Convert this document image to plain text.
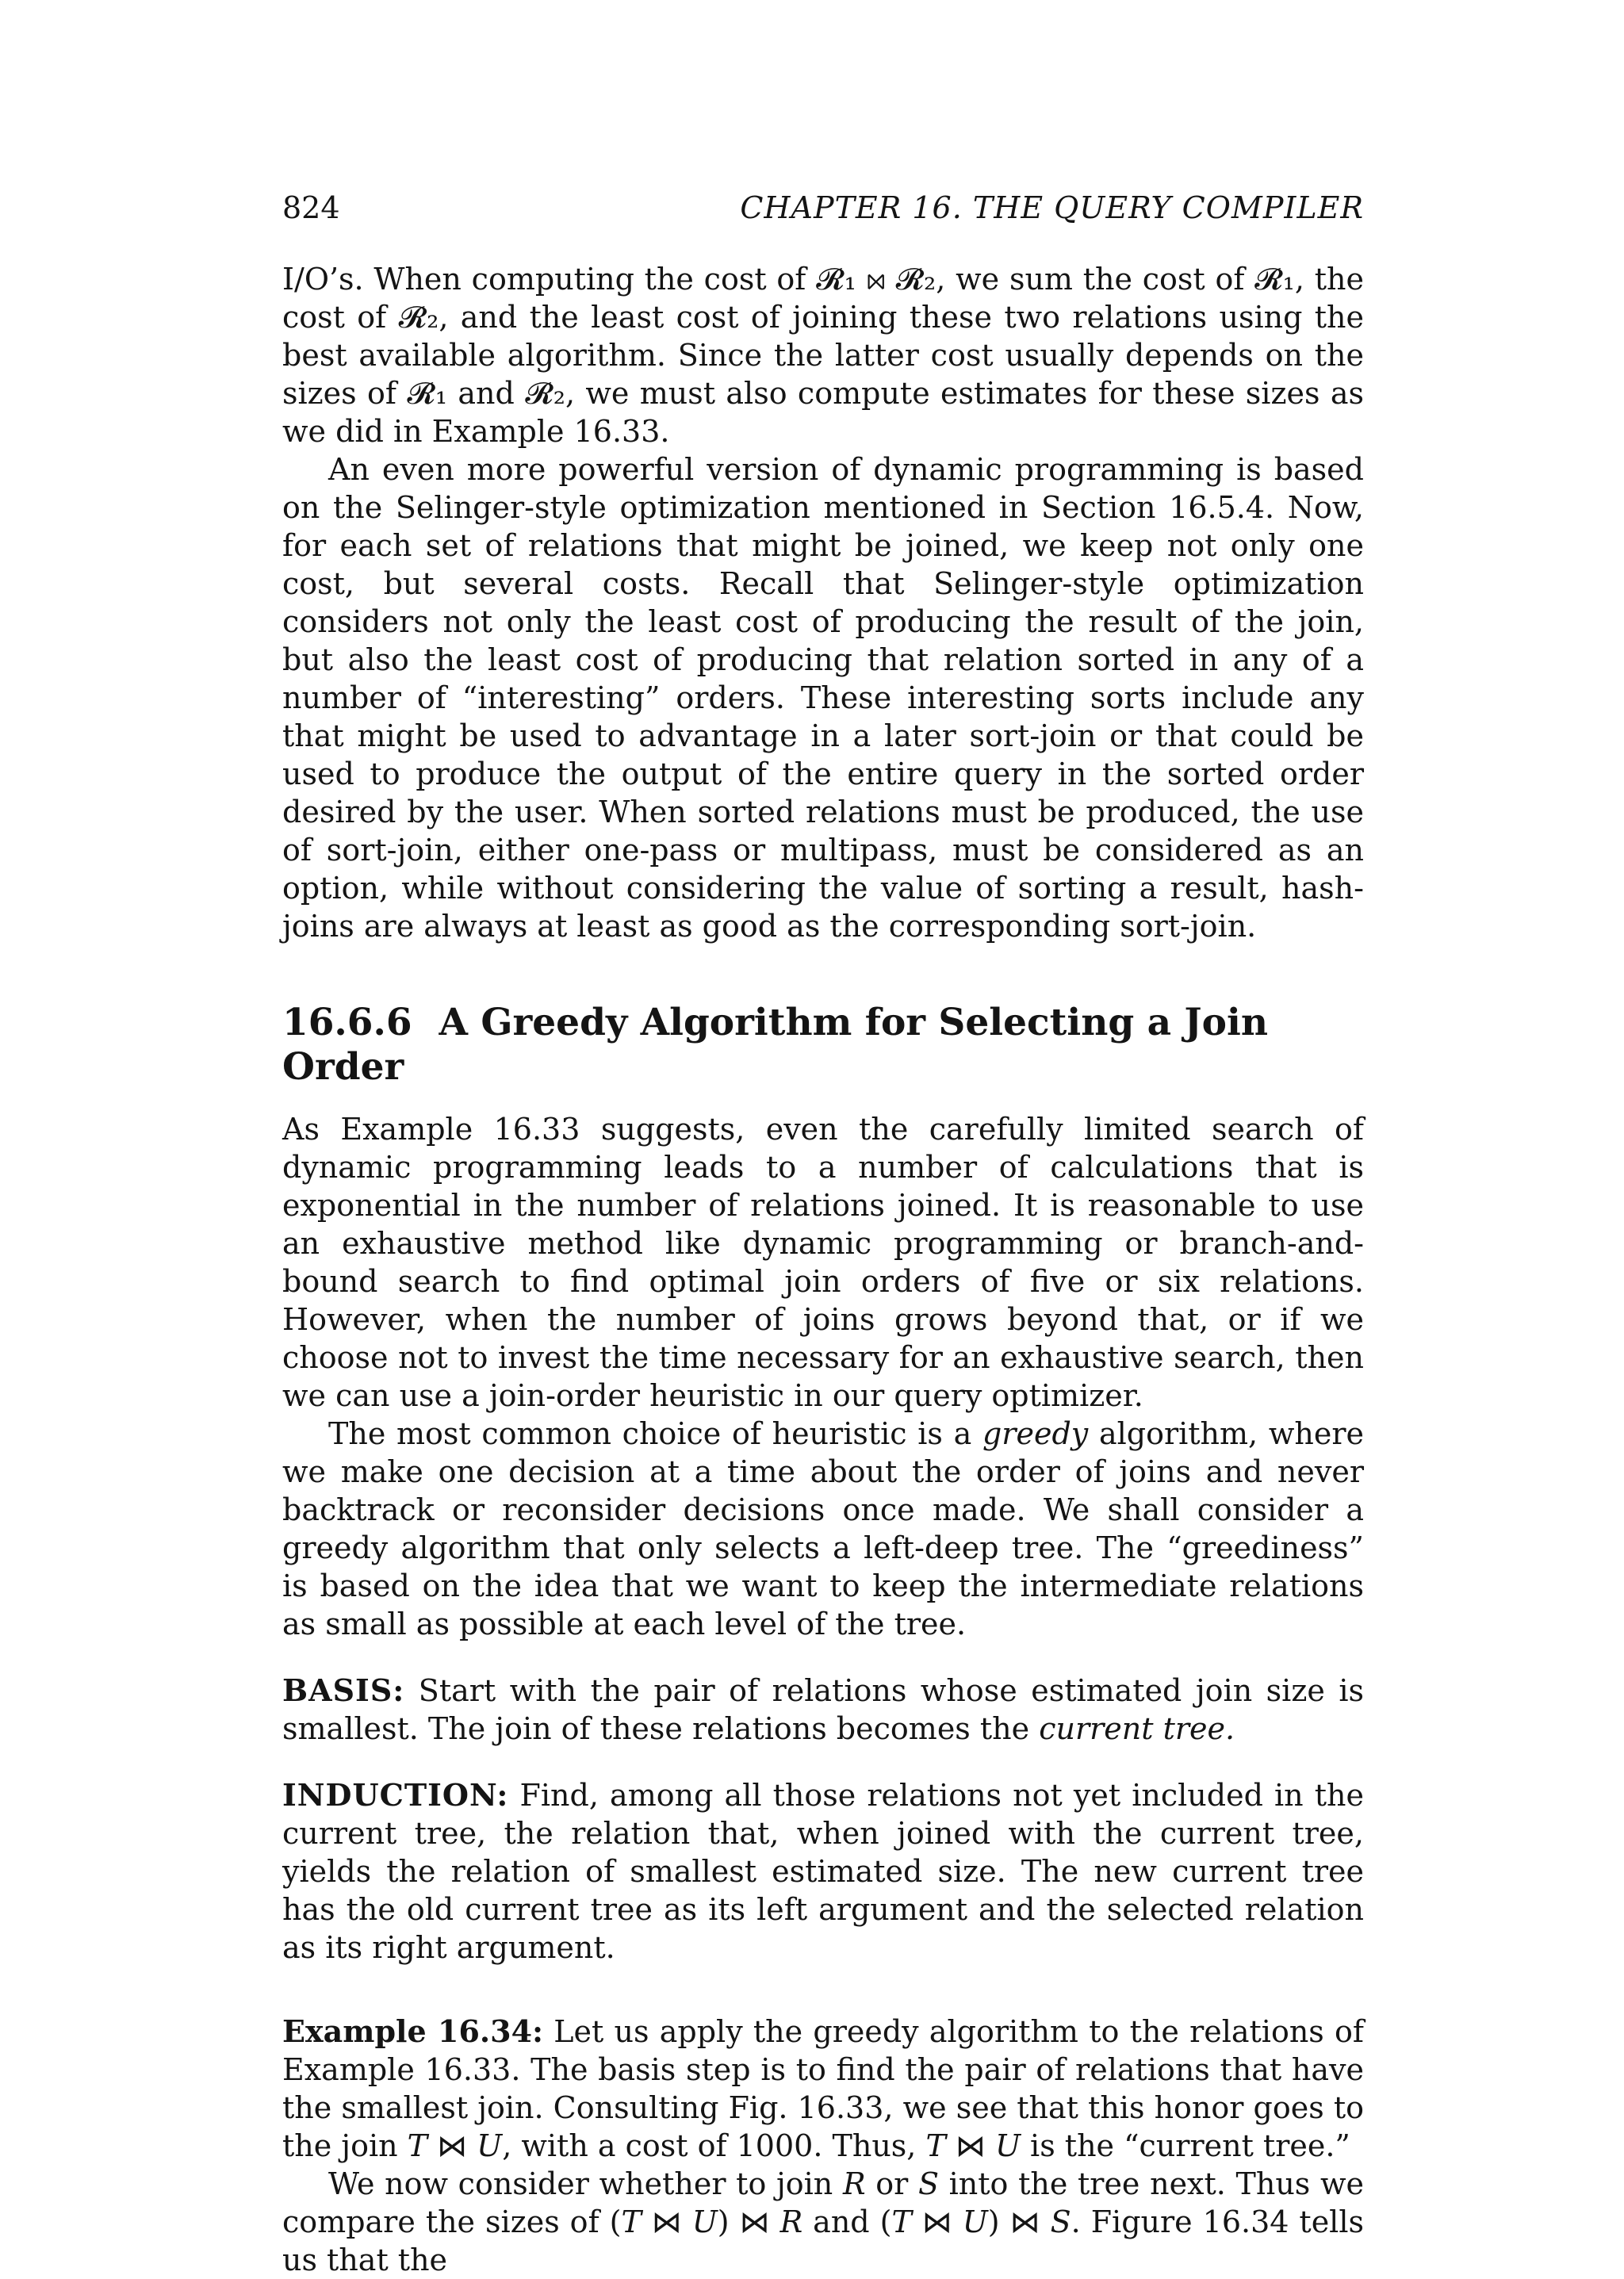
824	CHAPTER 16. THE QUERY COMPILER

I/O’s. When computing the cost of 𝓡₁ ⋈ 𝓡₂, we sum the cost of 𝓡₁, the cost of 𝓡₂, and the least cost of joining these two relations using the best available algorithm. Since the latter cost usually depends on the sizes of 𝓡₁ and 𝓡₂, we must also compute estimates for these sizes as we did in Example 16.33.

An even more powerful version of dynamic programming is based on the Selinger-style optimization mentioned in Section 16.5.4. Now, for each set of relations that might be joined, we keep not only one cost, but several costs. Recall that Selinger-style optimization considers not only the least cost of producing the result of the join, but also the least cost of producing that relation sorted in any of a number of “interesting” orders. These interesting sorts include any that might be used to advantage in a later sort-join or that could be used to produce the output of the entire query in the sorted order desired by the user. When sorted relations must be produced, the use of sort-join, either one-pass or multipass, must be considered as an option, while without considering the value of sorting a result, hash-joins are always at least as good as the corresponding sort-join.

16.6.6 A Greedy Algorithm for Selecting a Join Order

As Example 16.33 suggests, even the carefully limited search of dynamic programming leads to a number of calculations that is exponential in the number of relations joined. It is reasonable to use an exhaustive method like dynamic programming or branch-and-bound search to find optimal join orders of five or six relations. However, when the number of joins grows beyond that, or if we choose not to invest the time necessary for an exhaustive search, then we can use a join-order heuristic in our query optimizer.

The most common choice of heuristic is a greedy algorithm, where we make one decision at a time about the order of joins and never backtrack or reconsider decisions once made. We shall consider a greedy algorithm that only selects a left-deep tree. The “greediness” is based on the idea that we want to keep the intermediate relations as small as possible at each level of the tree.

BASIS: Start with the pair of relations whose estimated join size is smallest. The join of these relations becomes the current tree.

INDUCTION: Find, among all those relations not yet included in the current tree, the relation that, when joined with the current tree, yields the relation of smallest estimated size. The new current tree has the old current tree as its left argument and the selected relation as its right argument.

Example 16.34: Let us apply the greedy algorithm to the relations of Example 16.33. The basis step is to find the pair of relations that have the smallest join. Consulting Fig. 16.33, we see that this honor goes to the join 𝑇 ⋈ 𝑈, with a cost of 1000. Thus, 𝑇 ⋈ 𝑈 is the “current tree.”

We now consider whether to join 𝑅 or 𝑆 into the tree next. Thus we compare the sizes of (𝑇 ⋈ 𝑈) ⋈ 𝑅 and (𝑇 ⋈ 𝑈) ⋈ 𝑆. Figure 16.34 tells us that the
